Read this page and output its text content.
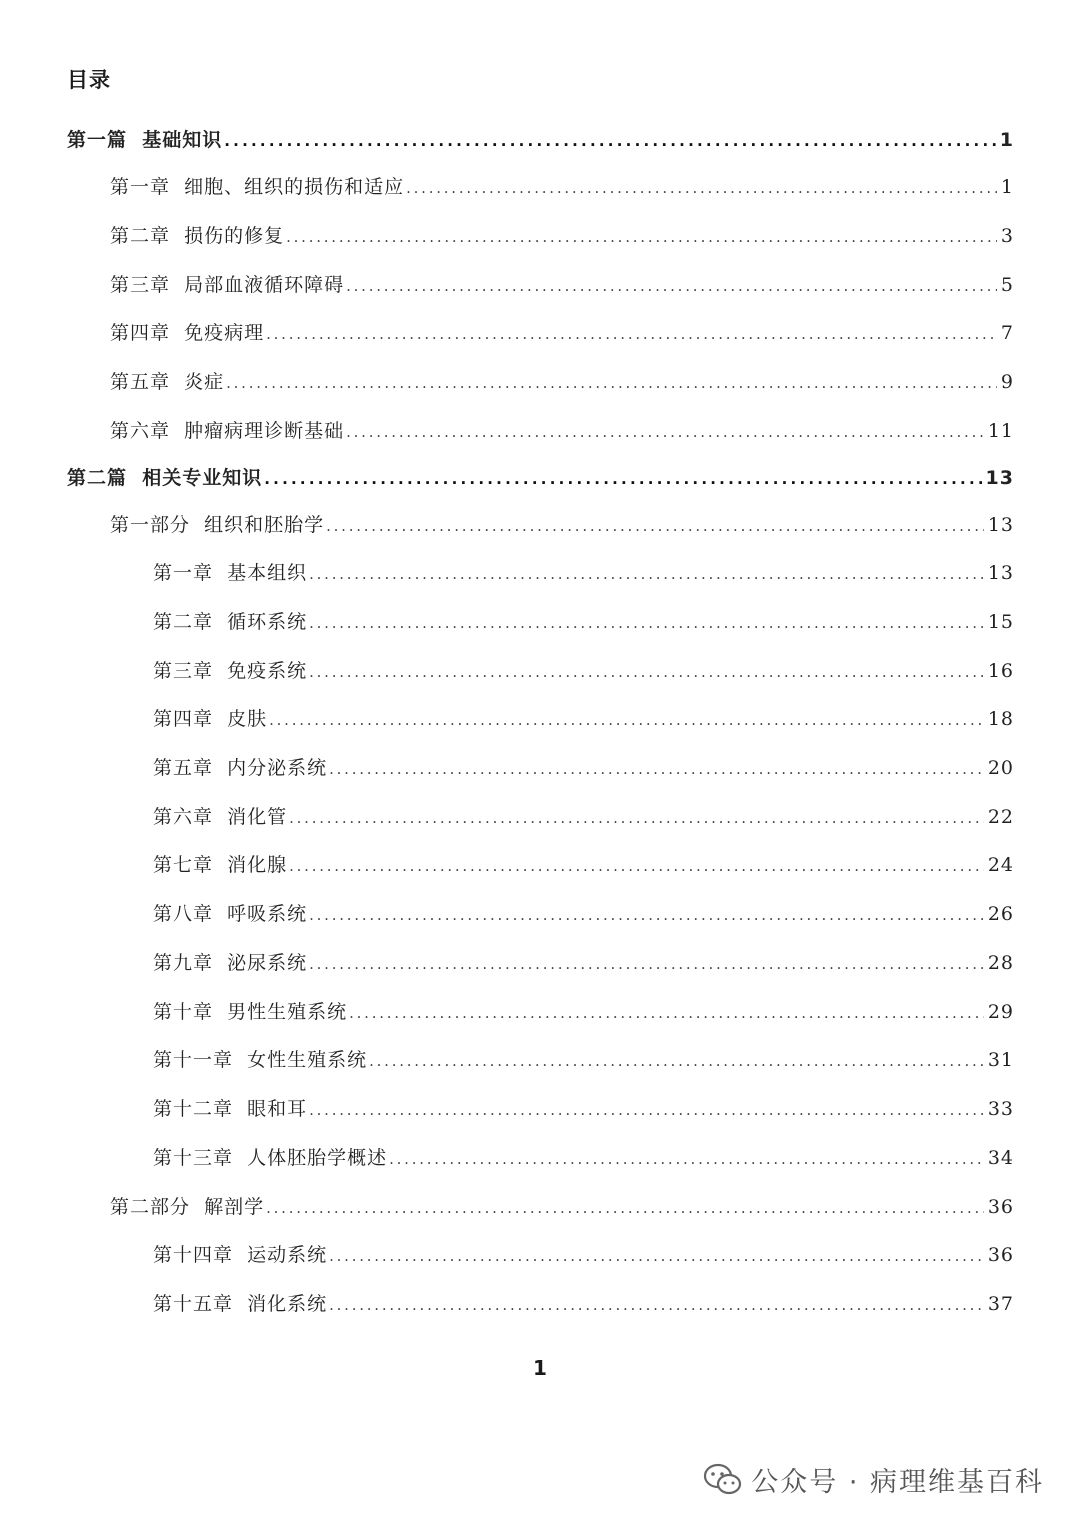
目录
第一篇  基础知识 . . .	1
第一章  细胞、组织的损伤和适应 . . .	1
第二章  损伤的修复 . . .	3
第三章  局部血液循环障碍 . . .	5
第四章  免疫病理 . . .	7
第五章  炎症 . . .	9
第六章  肿瘤病理诊断基础 . . .	11
第二篇  相关专业知识 . . .	13
第一部分  组织和胚胎学 . . .	13
第一章  基本组织 . . .	13
第二章  循环系统 . . .	15
第三章  免疫系统 . . .	16
第四章  皮肤 . . .	18
第五章  内分泌系统 . . .	20
第六章  消化管 . . .	22
第七章  消化腺 . . .	24
第八章  呼吸系统 . . .	26
第九章  泌尿系统 . . .	28
第十章  男性生殖系统 . . .	29
第十一章  女性生殖系统 . . .	31
第十二章  眼和耳 . . .	33
第十三章  人体胚胎学概述 . . .	34
第二部分  解剖学 . . .	36
第十四章  运动系统 . . .	36
第十五章  消化系统 . . .	37
1
公众号 · 病理维基百科
